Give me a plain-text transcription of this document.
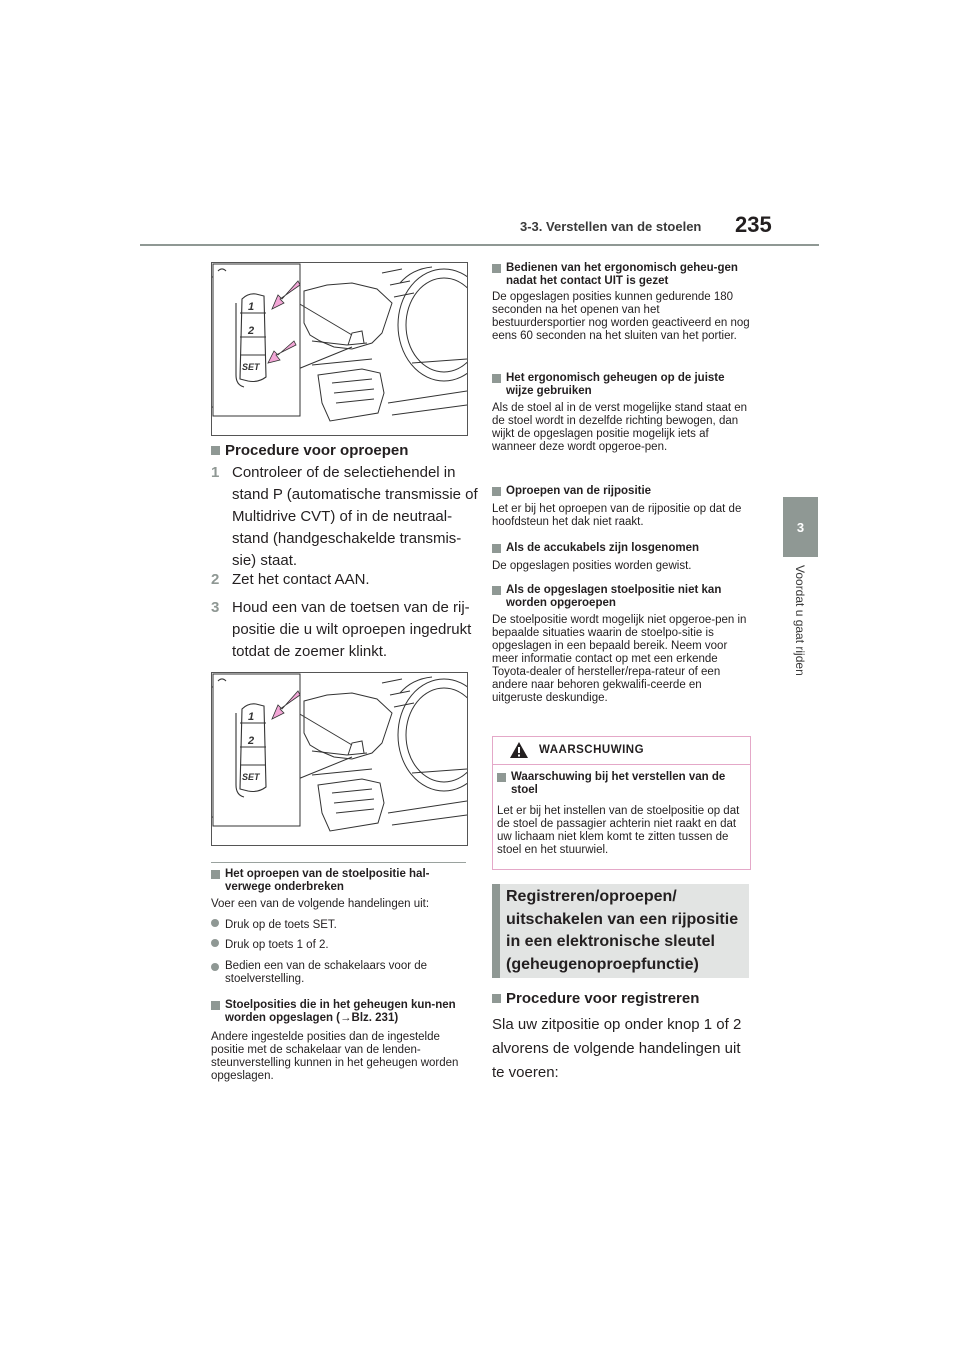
3-3. Verstellen van de stoelen 235
3
Voordat u gaat rijden
1
2
SET
Procedure voor oproepen
1 Controleer of de selectiehendel in stand P (automatische transmissie of Multidrive CVT) of in de neutraal-stand (handgeschakelde transmis-sie) staat.
2 Zet het contact AAN.
3 Houd een van de toetsen van de rij-positie die u wilt oproepen ingedrukt totdat de zoemer klinkt.
1
2
SET
Het oproepen van de stoelpositie hal-verwege onderbreken
Voer een van de volgende handelingen uit:
Druk op de toets SET.
Druk op toets 1 of 2.
Bedien een van de schakelaars voor de stoelverstelling.
Stoelposities die in het geheugen kun-nen worden opgeslagen (→Blz. 231)
Andere ingestelde posities dan de ingestelde positie met de schakelaar van de lenden-steunverstelling kunnen in het geheugen worden opgeslagen.
Bedienen van het ergonomisch geheu-gen nadat het contact UIT is gezet
De opgeslagen posities kunnen gedurende 180 seconden na het openen van het bestuurdersportier nog worden geactiveerd en nog eens 60 seconden na het sluiten van het portier.
Het ergonomisch geheugen op de juiste wijze gebruiken
Als de stoel al in de verst mogelijke stand staat en de stoel wordt in dezelfde richting bewogen, dan wijkt de opgeslagen positie mogelijk iets af wanneer deze wordt opgeroe-pen.
Oproepen van de rijpositie
Let er bij het oproepen van de rijpositie op dat de hoofdsteun het dak niet raakt.
Als de accukabels zijn losgenomen
De opgeslagen posities worden gewist.
Als de opgeslagen stoelpositie niet kan worden opgeroepen
De stoelpositie wordt mogelijk niet opgeroe-pen in bepaalde situaties waarin de stoelpo-sitie is opgeslagen in een bepaald bereik. Neem voor meer informatie contact op met een erkende Toyota-dealer of hersteller/repa-rateur of een andere naar behoren gekwalifi-ceerde en uitgeruste deskundige.
WAARSCHUWING
Waarschuwing bij het verstellen van de stoel
Let er bij het instellen van de stoelpositie op dat de stoel de passagier achterin niet raakt en dat uw lichaam niet klem komt te zitten tussen de stoel en het stuurwiel.
Registreren/oproepen/
uitschakelen van een rijpositie
in een elektronische sleutel
(geheugenoproepfunctie)
Procedure voor registreren
Sla uw zitpositie op onder knop 1 of 2
alvorens de volgende handelingen uit
te voeren:
